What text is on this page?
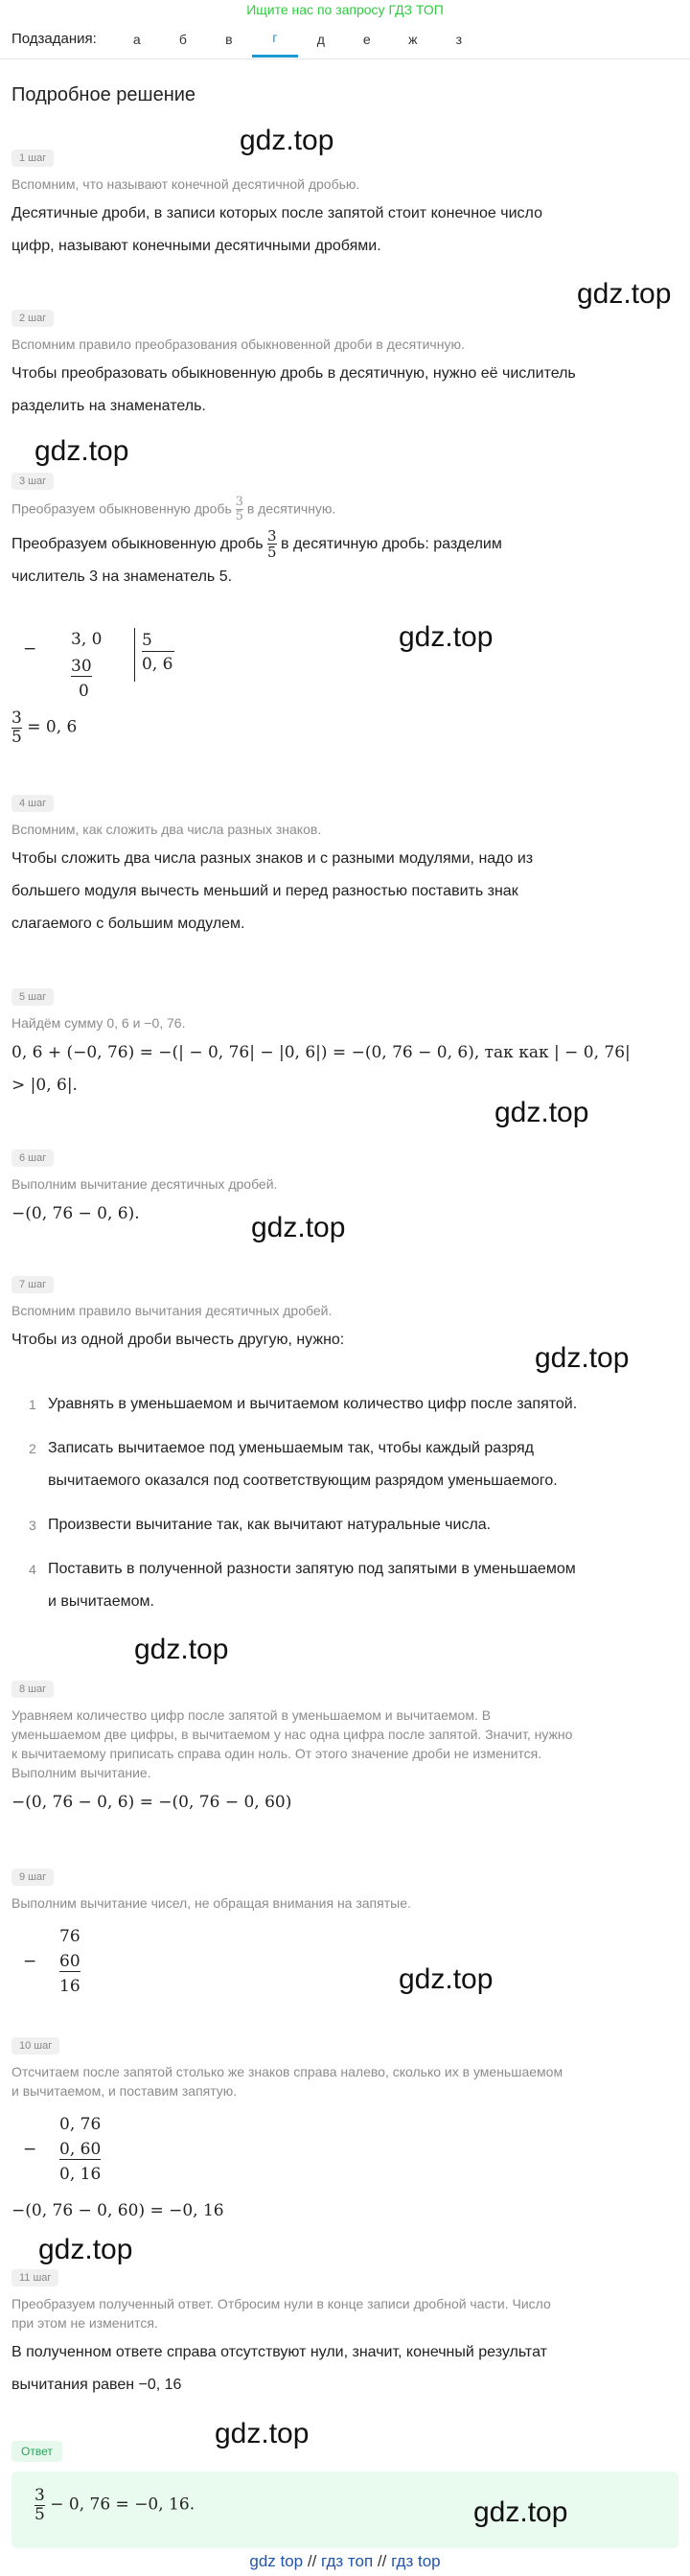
Ищите нас по запросу ГДЗ ТОП
Подзадания:	а	б	в	г	д	е	ж	з
Подробное решение
1 шаг
Вспомним, что называют конечной десятичной дробью.
Десятичные дроби, в записи которых после запятой стоит конечное число
цифр, называют конечными десятичными дробями.
2 шаг
Вспомним правило преобразования обыкновенной дроби в десятичную.
Чтобы преобразовать обыкновенную дробь в десятичную, нужно её числитель
разделить на знаменатель.
3 шаг
Преобразуем обыкновенную дробь $\frac{3}{5}$ в десятичную.
Преобразуем обыкновенную дробь $\frac{3}{5}$ в десятичную дробь: разделим
числитель 3 на знаменатель 5.
− 3, 0
30
0
5
0, 6
$\frac{3}{5} = 0$, 6
4 шаг
Вспомним, как сложить два числа разных знаков.
Чтобы сложить два числа разных знаков и с разными модулями, надо из
большего модуля вычесть меньший и перед разностью поставить знак
слагаемого с большим модулем.
5 шаг
Найдём сумму 0, 6 и −0, 76.
0, 6 + (−0, 76) = −(| − 0, 76| − |0, 6|) = −(0, 76 − 0, 6), так как | − 0, 76|
> |0, 6|.
6 шаг
Выполним вычитание десятичных дробей.
−(0, 76 − 0, 6).
7 шаг
Вспомним правило вычитания десятичных дробей.
Чтобы из одной дроби вычесть другую, нужно:
1 Уравнять в уменьшаемом и вычитаемом количество цифр после запятой.
2 Записать вычитаемое под уменьшаемым так, чтобы каждый разряд
вычитаемого оказался под соответствующим разрядом уменьшаемого.
3 Произвести вычитание так, как вычитают натуральные числа.
4 Поставить в полученной разности запятую под запятыми в уменьшаемом
и вычитаемом.
8 шаг
Уравняем количество цифр после запятой в уменьшаемом и вычитаемом. В
уменьшаемом две цифры, в вычитаемом у нас одна цифра после запятой. Значит, нужно
к вычитаемому приписать справа один ноль. От этого значение дроби не изменится.
Выполним вычитание.
−(0, 76 − 0, 6) = −(0, 76 − 0, 60)
9 шаг
Выполним вычитание чисел, не обращая внимания на запятые.
−
76
60
16
10 шаг
Отсчитаем после запятой столько же знаков справа налево, сколько их в уменьшаемом
и вычитаемом, и поставим запятую.
−
0, 76
0, 60
0, 16
−(0, 76 − 0, 60) = −0, 16
11 шаг
Преобразуем полученный ответ. Отбросим нули в конце записи дробной части. Число
при этом не изменится.
В полученном ответе справа отсутствуют нули, значит, конечный результат
вычитания равен −0, 16
Ответ
$\frac{3}{5} - 0$, 76 = −0, 16.
gdz top // гдз топ // гдз top
gdz.top
gdz.top
gdz.top
gdz.top
gdz.top
gdz.top
gdz.top
gdz.top
gdz.top
gdz.top
gdz.top
gdz.top
